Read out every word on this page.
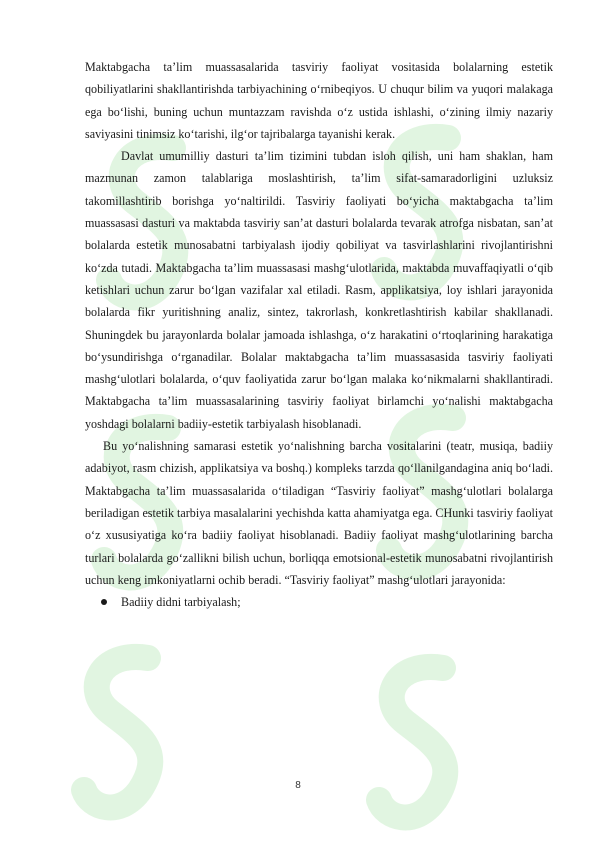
Maktabgacha ta’lim muassasalarida tasviriy faoliyat vositasida bolalarning estetik qobiliyatlarini shakllantirishda tarbiyachining o‘rnibeqiyos. U chuqur bilim va yuqori malakaga ega bo‘lishi, buning uchun muntazzam ravishda o‘z ustida ishlashi, o‘zining ilmiy nazariy saviyasini tinimsiz ko‘tarishi, ilg‘or tajribalarga tayanishi kerak.

Davlat umumilliy dasturi ta’lim tizimini tubdan isloh qilish, uni ham shaklan, ham mazmunan zamon talablariga moslashtirish, ta’lim sifat-samaradorligini uzluksiz takomillashtirib borishga yo‘naltirildi. Tasviriy faoliyati bo‘yicha maktabgacha ta’lim muassasasi dasturi va maktabda tasviriy san’at dasturi bolalarda tevarak atrofga nisbatan, san’at bolalarda estetik munosabatni tarbiyalash ijodiy qobiliyat va tasvirlashlarini rivojlantirishni ko‘zda tutadi. Maktabgacha ta’lim muassasasi mashg‘ulotlarida, maktabda muvaffaqiyatli o‘qib ketishlari uchun zarur bo‘lgan vazifalar xal etiladi. Rasm, applikatsiya, loy ishlari jarayonida bolalarda fikr yuritishning analiz, sintez, takrorlash, konkretlashtirish kabilar shakllanadi. Shuningdek bu jarayonlarda bolalar jamoada ishlashga, o‘z harakatini o‘rtoqlarining harakatiga bo‘ysundirishga o‘rganadilar. Bolalar maktabgacha ta’lim muassasasida tasviriy faoliyati mashg‘ulotlari bolalarda, o‘quv faoliyatida zarur bo‘lgan malaka ko‘nikmalarni shakllantiradi. Maktabgacha ta’lim muassasalarining tasviriy faoliyat birlamchi yo‘nalishi maktabgacha yoshdagi bolalarni badiiy-estetik tarbiyalash hisoblanadi.

Bu yo‘nalishning samarasi estetik yo‘nalishning barcha vositalarini (teatr, musiqa, badiiy adabiyot, rasm chizish, applikatsiya va boshq.) kompleks tarzda qo‘llanilgandagina aniq bo‘ladi. Maktabgacha ta’lim muassasalarida o‘tiladigan “Tasviriy faoliyat” mashg‘ulotlari bolalarga beriladigan estetik tarbiya masalalarini yechishda katta ahamiyatga ega. CHunki tasviriy faoliyat o‘z xususiyatiga ko‘ra badiiy faoliyat hisoblanadi. Badiiy faoliyat mashg‘ulotlarining barcha turlari bolalarda go‘zallikni bilish uchun, borliqqa emotsional-estetik munosabatni rivojlantirish uchun keng imkoniyatlarni ochib beradi. “Tasviriy faoliyat” mashg‘ulotlari jarayonida:

Badiiy didni tarbiyalash;

8
